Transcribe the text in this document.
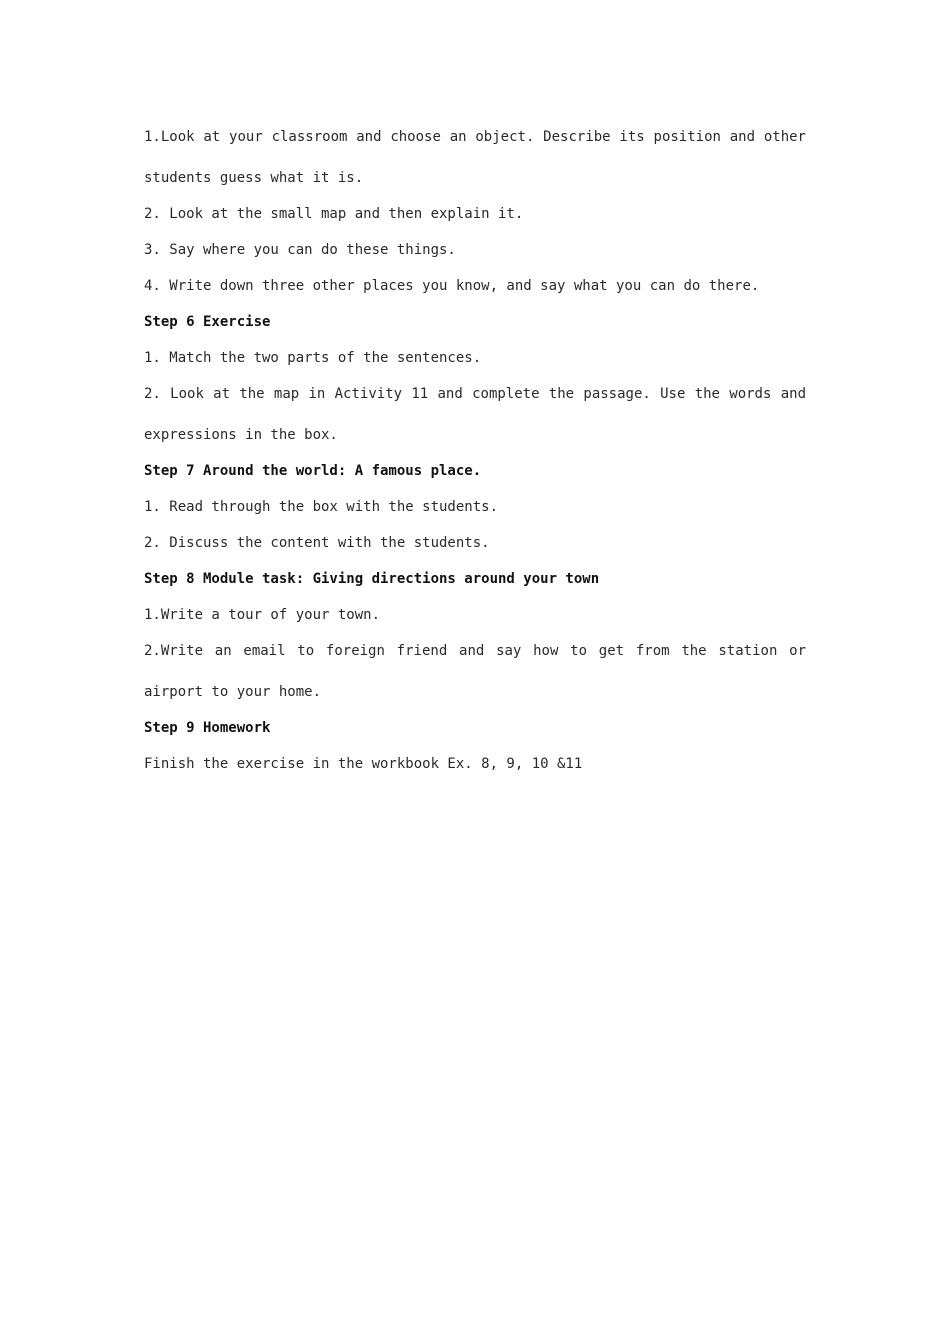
1.Look at your classroom and choose an object. Describe its position and other
students guess what it is.
2. Look at the small map and then explain it.
3. Say where you can do these things.
4. Write down three other places you know, and say what you can do there.
Step 6 Exercise
1. Match the two parts of the sentences.
2. Look at the map in Activity 11 and complete the passage. Use the words and
expressions in the box.
Step 7 Around the world: A famous place.
1. Read through the box with the students.
2. Discuss the content with the students.
Step 8 Module task: Giving directions around your town
1.Write a tour of your town.
2.Write an email to foreign friend and say how to get from the station or
airport to your home.
Step 9 Homework
Finish the exercise in the workbook Ex. 8, 9, 10 &11
